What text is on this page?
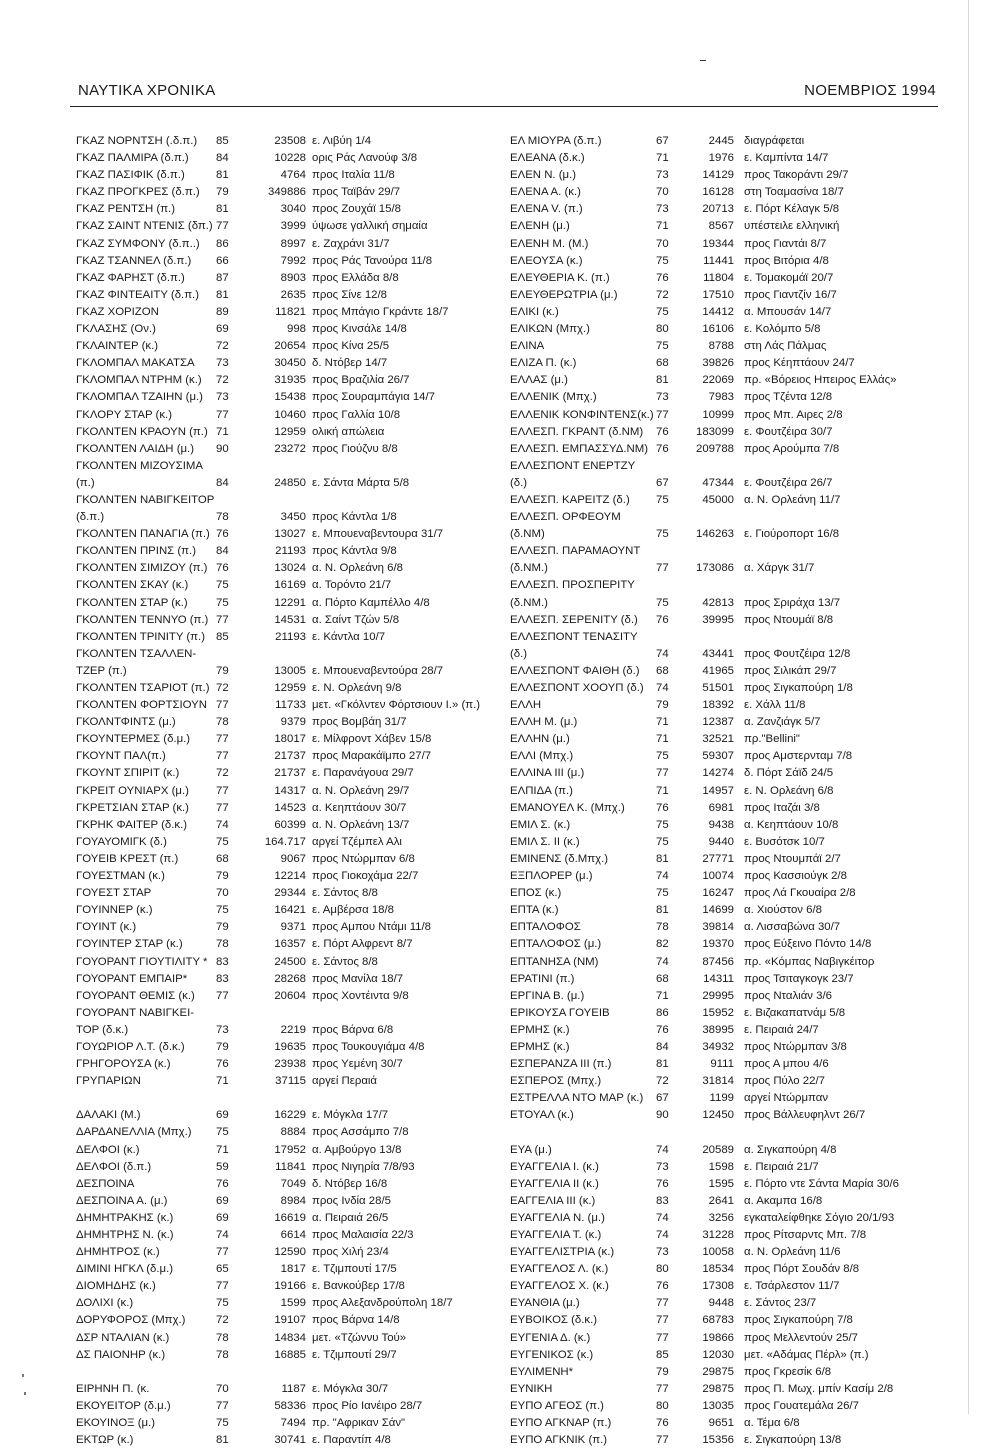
ΝΑΥΤΙΚΑ ΧΡΟΝΙΚΑ	ΝΟΕΜΒΡΙΟΣ 1994
ΓΚΑΖ ΝΟΡΝΤΣΗ (.δ.π.) 85	23508 ε. Λιβύη 1/4
ΓΚΑΖ ΠΑΛΜΙΡΑ (δ.π.) 84	10228 ορις Ράς Λανούφ 3/8
ΓΚΑΖ ΠΑΣΙΦΙΚ (δ.π.)	81	4764 προς Ιταλία 11/8
ΓΚΑΖ ΠΡΟΓΚΡΕΣ (δ.π.) 79	349886 προς Ταϊβάν 29/7
ΓΚΑΖ ΡΕΝΤΣΗ (π.)	81	3040 προς Ζουχάϊ 15/8
ΓΚΑΖ ΣΑΙΝΤ ΝΤΕΝΙΣ (δπ.) 77	3999 ύψωσε γαλλική σημαία
ΓΚΑΖ ΣΥΜΦΟΝΥ (δ.π..) 86	8997 ε. Ζαχράνι 31/7
ΓΚΑΖ ΤΣΑΝΝΕΛ (δ.π.) 66	7992 προς Ράς Τανούρα 11/8
ΓΚΑΖ ΦΑΡΗΣΤ (δ.π.)	87	8903 προς Ελλάδα 8/8
ΓΚΑΖ ΦΙΝΤΕΑΙΤΥ (δ.π.) 81	2635 προς Σίνε 12/8
ΓΚΑΖ ΧΟΡΙΖΟΝ	89	11821 προς Μπάγιο Γκράντε 18/7
ΓΚΛΑΣΗΣ (Ον.)	69	998 προς Κινσάλε 14/8
ΓΚΛΑΙΝΤΕΡ (κ.)	72	20654 προς Κίνα 25/5
ΓΚΛΟΜΠΑΛ ΜΑΚΑΤΣΑ 73	30450 δ. Ντόβερ 14/7
ΓΚΛΟΜΠΑΛ ΝΤΡΗΜ (κ.) 72	31935 προς Βραζιλία 26/7
ΓΚΛΟΜΠΑΛ ΤΖΑΙΗΝ (μ.) 73	15438 προς Σουραμπάγια 14/7
ΓΚΛΟΡΥ ΣΤΑΡ (κ.)	77	10460 προς Γαλλία 10/8
ΓΚΟΛΝΤΕΝ ΚΡΑΟΥΝ (π.) 71	12959 ολική απώλεια
ΓΚΟΛΝΤΕΝ ΛΑΙΔΗ (μ.) 90	23272 προς Γιούζνυ 8/8
ΓΚΟΛΝΤΕΝ ΜΙΖΟΥΣΙΜΑ
(π.)	84	24850 ε. Σάντα Μάρτα 5/8
ΓΚΟΛΝΤΕΝ ΝΑΒΙΓΚΕΙΤΟΡ
(δ.π.)	78	3450 προς Κάντλα 1/8
ΓΚΟΛΝΤΕΝ ΠΑΝΑΓΙΑ (π.) 76	13027 ε. Μπουεναβεντουρα 31/7
ΓΚΟΛΝΤΕΝ ΠΡΙΝΣ (π.) 84	21193 προς Κάντλα 9/8
ΓΚΟΛΝΤΕΝ ΣΙΜΙΖΟΥ (π.) 76	13024 α. Ν. Ορλεάνη 6/8
ΓΚΟΛΝΤΕΝ ΣΚΑΥ (κ.) 75	16169 α. Τορόντο 21/7
ΓΚΟΛΝΤΕΝ ΣΤΑΡ (κ.) 75	12291 α. Πόρτο Καμπέλλο 4/8
ΓΚΟΛΝΤΕΝ ΤΕΝΝΥΟ (π.) 77	14531 α. Σαίντ Τζών 5/8
ΓΚΟΛΝΤΕΝ ΤΡΙΝΙΤΥ (π.) 85	21193 ε. Κάντλα 10/7
ΓΚΟΛΝΤΕΝ ΤΣΑΛΛΕΝ-
ΤΖΕΡ (π.)	79	13005 ε. Μπουεναβεντούρα 28/7
ΓΚΟΛΝΤΕΝ ΤΣΑΡΙΟΤ (π.) 72	12959 ε. Ν. Ορλεάνη 9/8
ΓΚΟΛΝΤΕΝ ΦΟΡΤΣΙΟΥΝ 77	11733 μετ. «Γκόλντεν Φόρτσιουν Ι.» (π.)
ΓΚΟΛΝΤΦΙΝΤΣ (μ.)	78	9379 προς Βομβάη 31/7
ΓΚΟΥΝΤΕΡΜΕΣ (δ.μ.) 77	18017 ε. Μίλφροντ Χάβεν 15/8
ΓΚΟΥΝΤ ΠΑΛ(π.)	77	21737 προς Μαρακάϊμπο 27/7
ΓΚΟΥΝΤ ΣΠΙΡΙΤ (κ.)	72	21737 ε. Παρανάγουα 29/7
ΓΚΡΕΙΤ ΟΥΝΙΑΡΧ (μ.) 77	14317 α. Ν. Ορλεάνη 29/7
ΓΚΡΕΤΣΙΑΝ ΣΤΑΡ (κ.) 77	14523 α. Κεηπτάουν 30/7
ΓΚΡΗΚ ΦΑΙΤΕΡ (δ.κ.)	74	60399 α. Ν. Ορλεάνη 13/7
ΓΟΥΑΥΟΜΙΓΚ (δ.)	75	164.717 αργεί Τζέμπελ Αλι
ΓΟΥΕΙΒ ΚΡΕΣΤ (π.)	68	9067 προς Ντώρμπαν 6/8
ΓΟΥΕΣΤΜΑΝ (κ.)	79	12214 προς Γιοκοχάμα 22/7
ΓΟΥΕΣΤ ΣΤΑΡ	70	29344 ε. Σάντος 8/8
ΓΟΥΙΝΝΕΡ (κ.)	75	16421 ε. Αμβέρσα 18/8
ΓΟΥΙΝΤ (κ.)	79	9371 προς Αμπου Ντάμι 11/8
ΓΟΥΙΝΤΕΡ ΣΤΑΡ (κ.)	78	16357 ε. Πόρτ Αλφρεντ 8/7
ΓΟΥΟΡΑΝΤ ΓΙΟΥΤΙΛΙΤΥ * 83	24500 ε. Σάντος 8/8
ΓΟΥΟΡΑΝΤ ΕΜΠΑΙΡ*	83	28268 προς Μανίλα 18/7
ΓΟΥΟΡΑΝΤ ΘΕΜΙΣ (κ.) 77	20604 προς Χοντέιντα 9/8
ΓΟΥΟΡΑΝΤ ΝΑΒΙΓΚΕΙ-
ΤΟΡ (δ.κ.)	73	2219 προς Βάρνα 6/8
ΓΟΥΩΡΙΟΡ Λ.Τ. (δ.κ.)	79	19635 προς Τουκουγιάμα 4/8
ΓΡΗΓΟΡΟΥΣΑ (κ.)	76	23938 προς Υεμένη 30/7
ΓΡΥΠΑΡΙΩΝ	71	37115 αργεί Περαιά
ΔΑΛΑΚΙ (Μ.)	69	16229 ε. Μόγκλα 17/7
ΔΑΡΔΑΝΕΛΛΙΑ (Μπχ.) 75	8884 προς Ασσάμπο 7/8
ΔΕΛΦΟΙ (κ.)	71	17952 α. Αμβούργο 13/8
ΔΕΛΦΟΙ (δ.π.)	59	11841 προς Νιγηρία 7/8/93
ΔΕΣΠΟΙΝΑ	76	7049 δ. Ντόβερ 16/8
ΔΕΣΠΟΙΝΑ Α. (μ.)	69	8984 προς Ινδία 28/5
ΔΗΜΗΤΡΑΚΗΣ (κ.)	69	16619 α. Πειραιά 26/5
ΔΗΜΗΤΡΗΣ Ν. (κ.)	74	6614 προς Μαλαισία 22/3
ΔΗΜΗΤΡΟΣ (κ.)	77	12590 προς Χιλή 23/4
ΔΙΜΙΝΙ ΗΓΚΛ (δ.μ.)	65	1817 ε. Τζιμπουτί 17/5
ΔΙΟΜΗΔΗΣ (κ.)	77	19166 ε. Βανκούβερ 17/8
ΔΟΛΙΧΙ (κ.)	75	1599 προς Αλεξανδρούπολη 18/7
ΔΟΡΥΦΟΡΟΣ (Μπχ.)	72	19107 προς Βάρνα 14/8
ΔΣΡ ΝΤΑΛΙΑΝ (κ.)	78	14834 μετ. «Τζώννυ Τού»
ΔΣ ΠΑΙΟΝΗΡ (κ.)	78	16885 ε. Τζιμπουτί 29/7
ΕΙΡΗΝΗ Π. (κ.	70	1187 ε. Μόγκλα 30/7
ΕΚΟΥΕΙΤΟΡ (δ.μ.)	77	58336 προς Ρίο Ιανέιρο 28/7
ΕΚΟΥΙΝΟΞ (μ.)	75	7494 πρ. "Αφρικαν Σάν"
ΕΚΤΩΡ (κ.)	81	30741 ε. Παραντίπ 4/8
ΕΛ ΜΙΟΥΡΑ (δ.π.)	67	2445 διαγράφεται
ΕΛΕΑΝΑ (δ.κ.)	71	1976 ε. Καμπίντα 14/7
ΕΛΕΝ Ν. (μ.)	73	14129 προς Τακοράντι 29/7
ΕΛΕΝΑ Α. (κ.)	70	16128 στη Τοαμασίνα 18/7
ΕΛΕΝΑ V. (π.)	73	20713 ε. Πόρτ Κέλαγκ 5/8
ΕΛΕΝΗ (μ.)	71	8567 υπέστειλε ελληνική
ΕΛΕΝΗ Μ. (Μ.)	70	19344 προς Γιαντάι 8/7
ΕΛΕΟΥΣΑ (κ.)	75	11441 προς Βιτόρια 4/8
ΕΛΕΥΘΕΡΙΑ Κ. (π.)	76	11804 ε. Τομακομάϊ 20/7
ΕΛΕΥΘΕΡΩΤΡΙΑ (μ.)	72	17510 προς Γιαντζίν 16/7
ΕΛΙΚΙ (κ.)	75	14412 α. Μπουσάν 14/7
ΕΛΙΚΩΝ (Μπχ.)	80	16106 ε. Κολόμπο 5/8
ΕΛΙΝΑ	75	8788 στη Λάς Πάλμας
ΕΛΙΖΑ Π. (κ.)	68	39826 προς Κέηπτάουν 24/7
ΕΛΛΑΣ (μ.)	81	22069 πρ. «Βόρειος Ηπειρος Ελλάς»
ΕΛΛΕΝΙΚ (Μπχ.)	73	7983 προς Τζέντα 12/8
ΕΛΛΕΝΙΚ ΚΟΝΦΙΝΤΕΝΣ(κ.) 77	10999 προς Μπ. Αιρες 2/8
ΕΛΛΕΣΠ. ΓΚΡΑΝΤ (δ.ΝΜ) 76	183099 ε. Φουτζέιρα 30/7
ΕΛΛΕΣΠ. ΕΜΠΑΣΣΥΔ.ΝΜ) 76	209788 προς Αρούμπα 7/8
ΕΛΛΕΣΠΟΝΤ ΕΝΕΡΤΖΥ
(δ.)	67	47344 ε. Φουτζέιρα 26/7
ΕΛΛΕΣΠ. ΚΑΡΕΙΤΖ (δ.) 75	45000 α. Ν. Ορλεάνη 11/7
ΕΛΛΕΣΠ. ΟΡΦΕΟΥΜ
(δ.ΝΜ)	75	146263 ε. Γιούροπορτ 16/8
ΕΛΛΕΣΠ. ΠΑΡΑΜΑΟΥΝΤ
(δ.ΝΜ.)	77	173086 α. Χάργκ 31/7
ΕΛΛΕΣΠ. ΠΡΟΣΠΕΡΙΤΥ
(δ.ΝΜ.)	75	42813 προς Σριράχα 13/7
ΕΛΛΕΣΠ. ΣΕΡΕΝΙΤΥ (δ.) 76	39995 προς Ντουμάϊ 8/8
ΕΛΛΕΣΠΟΝΤ ΤΕΝΑΣΙΤΥ
(δ.)	74	43441 προς Φουτζέιρα 12/8
ΕΛΛΕΣΠΟΝΤ ΦΑΙΘΗ (δ.) 68	41965 προς Σιλικάπ 29/7
ΕΛΛΕΣΠΟΝΤ ΧΟΟΥΠ (δ.) 74	51501 προς Σιγκαπούρη 1/8
ΕΛΛΗ	79	18392 ε. Χάλλ 11/8
ΕΛΛΗ Μ. (μ.)	71	12387 α. Ζανζιάγκ 5/7
ΕΛΛΗΝ (μ.)	71	32521 πρ."Bellini"
ΕΛΛΙ (Μπχ.)	75	59307 προς Αμστερνταμ 7/8
ΕΛΛΙΝΑ ΙΙΙ (μ.)	77	14274 δ. Πόρτ Σάϊδ 24/5
ΕΛΠΙΔΑ (π.)	71	14957 ε. Ν. Ορλεάνη 6/8
ΕΜΑΝΟΥΕΛ Κ. (Μπχ.)	76	6981 προς Ιταζάι 3/8
ΕΜΙΛ Σ. (κ.)	75	9438 α. Κεηπτάουν 10/8
ΕΜΙΛ Σ. ΙΙ (κ.)	75	9440 ε. Βυσότσκ 10/7
ΕΜΙΝΕΝΣ (δ.Μπχ.)	81	27771 προς Ντουμπάϊ 2/7
ΕΞΠΛΟΡΕΡ (μ.)	74	10074 προς Κασσιούγκ 2/8
ΕΠΟΣ (κ.)	75	16247 προς Λά Γκουαίρα 2/8
ΕΠΤΑ (κ.)	81	14699 α. Χιούστον 6/8
ΕΠΤΑΛΟΦΟΣ	78	39814 α. Λισσαβώνα 30/7
ΕΠΤΑΛΟΦΟΣ (μ.)	82	19370 προς Εύξεινο Πόντο 14/8
ΕΠΤΑΝΗΣΑ (ΝΜ)	74	87456 πρ. «Κόμπας Ναβιγκέιτορ
ΕΡΑΤΙΝΙ (π.)	68	14311 προς Τσιταγκογκ 23/7
ΕΡΓΙΝΑ Β. (μ.)	71	29995 προς Νταλιάν 3/6
ΕΡΙΚΟΥΣΑ ΓΟΥΕΙΒ	86	15952 ε. Βιζακαπατνάμ 5/8
ΕΡΜΗΣ (κ.)	76	38995 ε. Πειραιά 24/7
ΕΡΜΗΣ (κ.)	84	34932 προς Ντώρμπαν 3/8
ΕΣΠΕΡΑΝΖΑ ΙΙΙ (π.)	81	9111 προς Α μπου 4/6
ΕΣΠΕΡΟΣ (Μπχ.)	72	31814 προς Πύλο 22/7
ΕΣΤΡΕΛΛΑ ΝΤΟ ΜΑΡ (κ.) 67	1199 αργεί Ντώρμπαν
ΕΤΟΥΑΛ (κ.)	90	12450 προς Βάλλευφηλντ 26/7
ΕΥΑ (μ.)	74	20589 α. Σιγκαπούρη 4/8
ΕΥΑΓΓΕΛΙΑ Ι. (κ.)	73	1598 ε. Πειραιά 21/7
ΕΥΑΓΓΕΛΙΑ ΙΙ (κ.)	76	1595 ε. Πόρτο ντε Σάντα Μαρία 30/6
ΕΑΓΓΕΛΙΑ ΙΙΙ (κ.)	83	2641 α. Ακαμπα 16/8
ΕΥΑΓΓΕΛΙΑ Ν. (μ.)	74	3256 εγκαταλείφθηκε Σόγιο 20/1/93
ΕΥΑΓΓΕΛΙΑ Τ. (κ.)	74	31228 προς Ρίτσαρντς Μπ. 7/8
ΕΥΑΓΓΕΛΙΣΤΡΙΑ (κ.)	73	10058 α. Ν. Ορλεάνη 11/6
ΕΥΑΓΓΕΛΟΣ Λ. (κ.)	80	18534 προς Πόρτ Σουδάν 8/8
ΕΥΑΓΓΕΛΟΣ Χ. (κ.)	76	17308 ε. Τσάρλεστον 11/7
ΕΥΑΝΘΙΑ (μ.)	77	9448 ε. Σάντος 23/7
ΕΥΒΟΙΚΟΣ (δ.κ.)	77	68783 προς Σιγκαπούρη 7/8
ΕΥΓΕΝΙΑ Δ. (κ.)	77	19866 προς Μελλεντούν 25/7
ΕΥΓΕΝΙΚΟΣ (κ.)	85	12030 μετ. «Αδάμας Πέρλ» (π.)
ΕΥΛΙΜΕΝΗ*	79	29875 προς Γκρεσίκ 6/8
ΕΥΝΙΚΗ	77	29875 προς Π. Μωχ. μπίν Κασίμ 2/8
ΕΥΠΟ ΑΓΕΟΣ (π.)	80	13035 προς Γουατεμάλα 26/7
ΕΥΠΟ ΑΓΚΝΑΡ (π.)	76	9651 α. Τέμα 6/8
ΕΥΠΟ ΑΓΚΝΙΚ (π.)	77	15356 ε. Σιγκαπούρη 13/8
